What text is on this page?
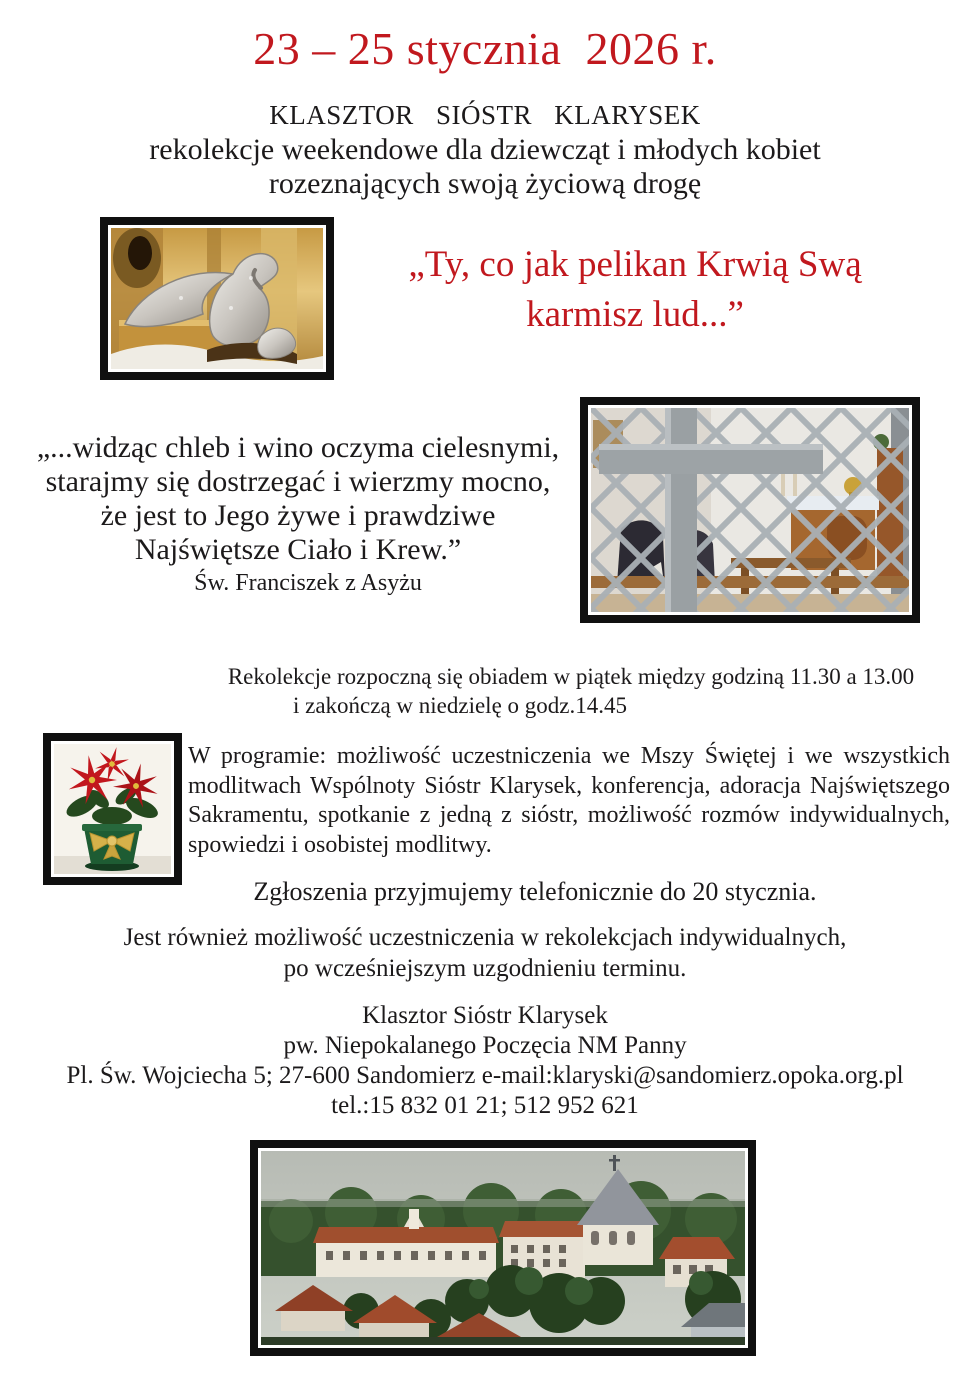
23 – 25 stycznia  2026 r.
KLASZTOR SIÓSTR KLARYSEK
rekolekcje weekendowe dla dziewcząt i młodych kobiet
rozeznających swoją życiową drogę
„Ty, co jak pelikan Krwią Swą
karmisz lud...”
„...widząc chleb i wino oczyma cielesnymi,
starajmy się dostrzegać i wierzmy mocno,
że jest to Jego żywe i prawdziwe
Najświętsze Ciało i Krew.”
Św. Franciszek z Asyżu
Rekolekcje rozpoczną się obiadem w piątek między godziną 11.30 a 13.00
i zakończą w niedzielę o godz.14.45
W programie: możliwość uczestniczenia we Mszy Świętej i we wszystkich
modlitwach Wspólnoty Sióstr Klarysek, konferencja, adoracja Najświętszego
Sakramentu, spotkanie z jedną z sióstr, możliwość rozmów indywidualnych,
spowiedzi i osobistej modlitwy.
Zgłoszenia przyjmujemy telefonicznie do 20 stycznia.
Jest również możliwość uczestniczenia w rekolekcjach indywidualnych,
po wcześniejszym uzgodnieniu terminu.
Klasztor Sióstr Klarysek
pw. Niepokalanego Poczęcia NM Panny
Pl. Św. Wojciecha 5; 27-600 Sandomierz e-mail:klaryski@sandomierz.opoka.org.pl
tel.:15 832 01 21; 512 952 621
